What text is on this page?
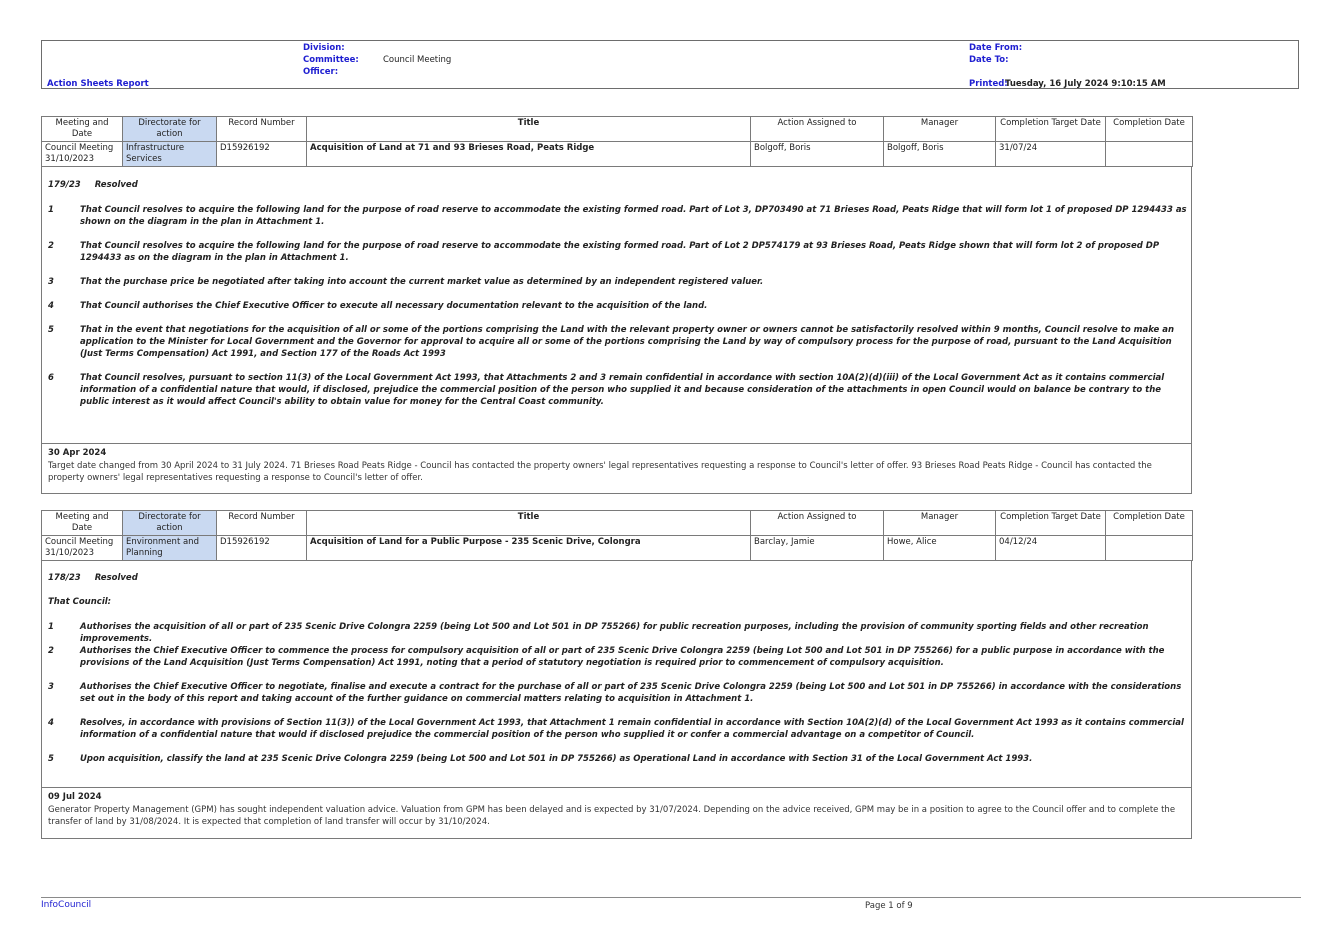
Division:
Committee:	Council Meeting
Officer:
Action Sheets Report
Date From:
Date To:
Printed:
Tuesday, 16 July 2024 9:10:15 AM
Meeting and Date	Directorate for action	Record Number	Title	Action Assigned to	Manager	Completion Target Date	Completion Date
Council Meeting
31/10/2023	Infrastructure Services	D15926192	Acquisition of Land at 71 and 93 Brieses Road, Peats Ridge	Bolgoff, Boris	Bolgoff, Boris	31/07/24	
179/23 Resolved
1	That Council resolves to acquire the following land for the purpose of road reserve to accommodate the existing formed road. Part of Lot 3, DP703490 at 71 Brieses Road, Peats Ridge that will form lot 1 of proposed DP 1294433 as shown on the diagram in the plan in Attachment 1.
2	That Council resolves to acquire the following land for the purpose of road reserve to accommodate the existing formed road. Part of Lot 2 DP574179 at 93 Brieses Road, Peats Ridge shown that will form lot 2 of proposed DP 1294433 as on the diagram in the plan in Attachment 1.
3	That the purchase price be negotiated after taking into account the current market value as determined by an independent registered valuer.
4	That Council authorises the Chief Executive Officer to execute all necessary documentation relevant to the acquisition of the land.
5	That in the event that negotiations for the acquisition of all or some of the portions comprising the Land with the relevant property owner or owners cannot be satisfactorily resolved within 9 months, Council resolve to make an application to the Minister for Local Government and the Governor for approval to acquire all or some of the portions comprising the Land by way of compulsory process for the purpose of road, pursuant to the Land Acquisition (Just Terms Compensation) Act 1991, and Section 177 of the Roads Act 1993
6	That Council resolves, pursuant to section 11(3) of the Local Government Act 1993, that Attachments 2 and 3 remain confidential in accordance with section 10A(2)(d)(iii) of the Local Government Act as it contains commercial information of a confidential nature that would, if disclosed, prejudice the commercial position of the person who supplied it and because consideration of the attachments in open Council would on balance be contrary to the public interest as it would affect Council's ability to obtain value for money for the Central Coast community.
30 Apr 2024
Target date changed from 30 April 2024 to 31 July 2024. 71 Brieses Road Peats Ridge - Council has contacted the property owners' legal representatives requesting a response to Council's letter of offer. 93 Brieses Road Peats Ridge - Council has contacted the property owners' legal representatives requesting a response to Council's letter of offer.
Meeting and Date	Directorate for action	Record Number	Title	Action Assigned to	Manager	Completion Target Date	Completion Date
Council Meeting
31/10/2023	Environment and Planning	D15926192	Acquisition of Land for a Public Purpose - 235 Scenic Drive, Colongra	Barclay, Jamie	Howe, Alice	04/12/24	
178/23 Resolved
That Council:
1	Authorises the acquisition of all or part of 235 Scenic Drive Colongra 2259 (being Lot 500 and Lot 501 in DP 755266) for public recreation purposes, including the provision of community sporting fields and other recreation improvements.
2	Authorises the Chief Executive Officer to commence the process for compulsory acquisition of all or part of 235 Scenic Drive Colongra 2259 (being Lot 500 and Lot 501 in DP 755266) for a public purpose in accordance with the provisions of the Land Acquisition (Just Terms Compensation) Act 1991, noting that a period of statutory negotiation is required prior to commencement of compulsory acquisition.
3	Authorises the Chief Executive Officer to negotiate, finalise and execute a contract for the purchase of all or part of 235 Scenic Drive Colongra 2259 (being Lot 500 and Lot 501 in DP 755266) in accordance with the considerations set out in the body of this report and taking account of the further guidance on commercial matters relating to acquisition in Attachment 1.
4	Resolves, in accordance with provisions of Section 11(3)) of the Local Government Act 1993, that Attachment 1 remain confidential in accordance with Section 10A(2)(d) of the Local Government Act 1993 as it contains commercial information of a confidential nature that would if disclosed prejudice the commercial position of the person who supplied it or confer a commercial advantage on a competitor of Council.
5	Upon acquisition, classify the land at 235 Scenic Drive Colongra 2259 (being Lot 500 and Lot 501 in DP 755266) as Operational Land in accordance with Section 31 of the Local Government Act 1993.
09 Jul 2024
Generator Property Management (GPM) has sought independent valuation advice. Valuation from GPM has been delayed and is expected by 31/07/2024. Depending on the advice received, GPM may be in a position to agree to the Council offer and to complete the transfer of land by 31/08/2024. It is expected that completion of land transfer will occur by 31/10/2024.
InfoCouncil	Page 1 of 9
